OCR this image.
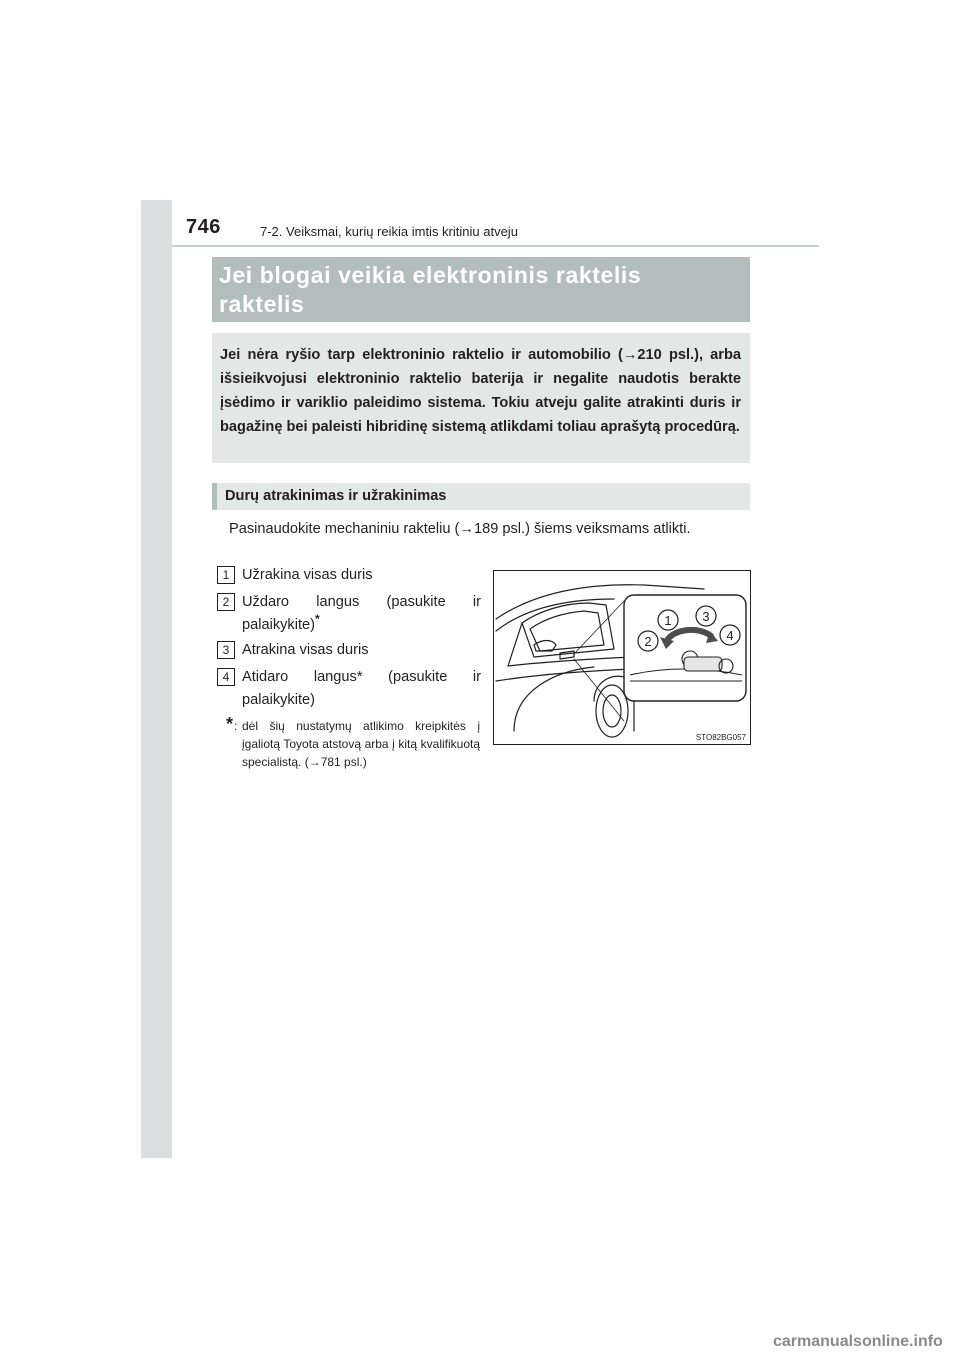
746	7-2. Veiksmai, kurių reikia imtis kritiniu atveju
Jei blogai veikia elektroninis raktelis raktelis

Jei nėra ryšio tarp elektroninio raktelio ir automobilio (→210 psl.), arba išsieikvojusi elektroninio raktelio baterija ir negalite naudotis berakte įsėdimo ir variklio paleidimo sistema. Tokiu atveju galite atrakinti duris ir bagažinę bei paleisti hibridinę sistemą atlikdami toliau aprašytą procedūrą.

Durų atrakinimas ir užrakinimas

Pasinaudokite mechaniniu rakteliu (→189 psl.) šiems veiksmams atlikti.

1 Užrakina visas duris
2 Uždaro langus (pasukite ir palaikykite)*
3 Atrakina visas duris
4 Atidaro langus* (pasukite ir palaikykite)
* : dėl šių nustatymų atlikimo kreipkitės į įgaliotą Toyota atstovą arba į kitą kvalifikuotą specialistą. (→781 psl.)
1
2
3
4
STO82BG057
carmanualsonline.info
